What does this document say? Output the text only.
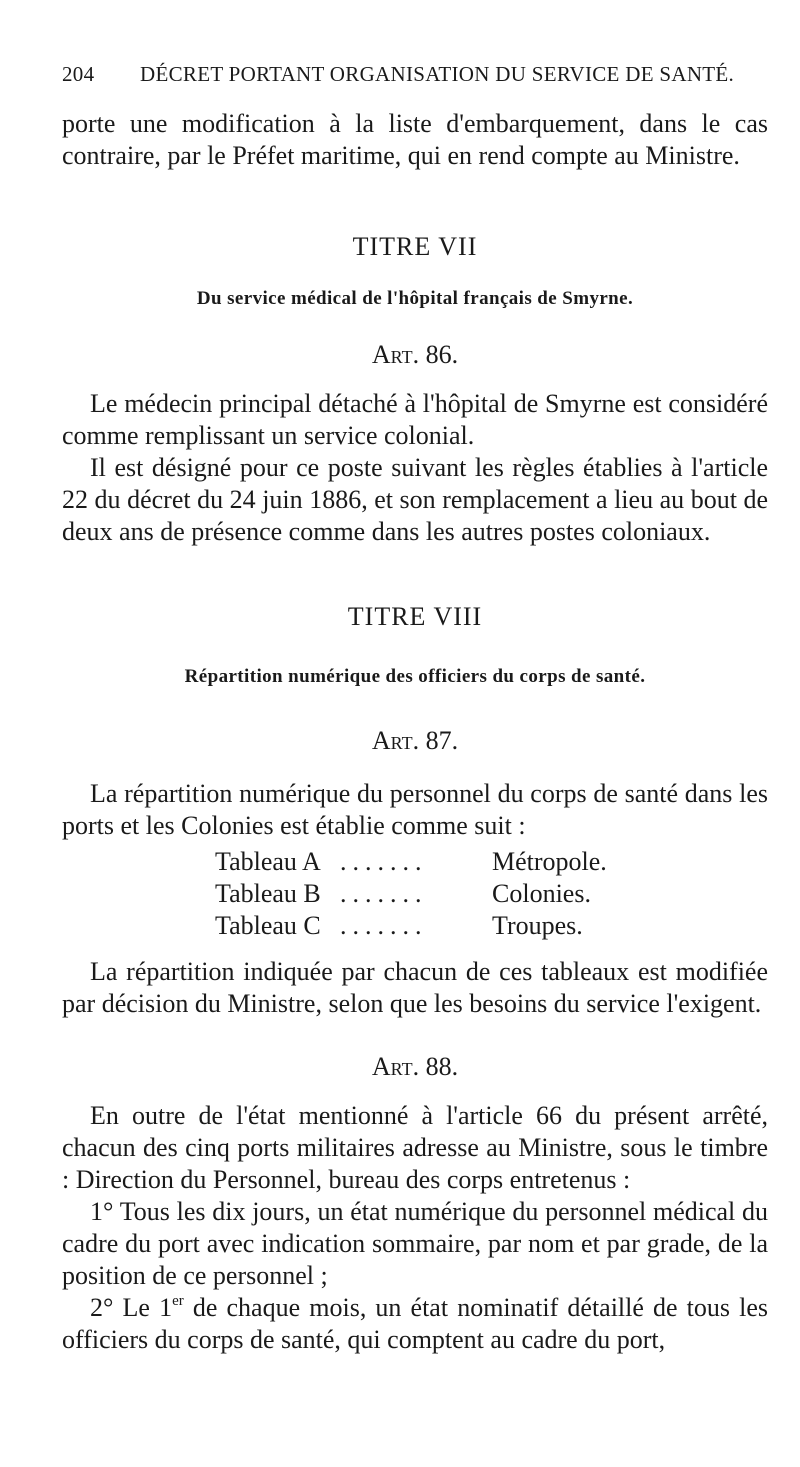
204 DÉCRET PORTANT ORGANISATION DU SERVICE DE SANTÉ.

porte une modification à la liste d'embarquement, dans le cas contraire, par le Préfet maritime, qui en rend compte au Ministre.

TITRE VII
Du service médical de l'hôpital français de Smyrne.
Art. 86.

Le médecin principal détaché à l'hôpital de Smyrne est considéré comme remplissant un service colonial.

Il est désigné pour ce poste suivant les règles établies à l'article 22 du décret du 24 juin 1886, et son remplacement a lieu au bout de deux ans de présence comme dans les autres postes coloniaux.

TITRE VIII
Répartition numérique des officiers du corps de santé.
Art. 87.

La répartition numérique du personnel du corps de santé dans les ports et les Colonies est établie comme suit :

Tableau A .......	Métropole.
Tableau B .......	Colonies.
Tableau C .......	Troupes.

La répartition indiquée par chacun de ces tableaux est modifiée par décision du Ministre, selon que les besoins du service l'exigent.

Art. 88.

En outre de l'état mentionné à l'article 66 du présent arrêté, chacun des cinq ports militaires adresse au Ministre, sous le timbre : Direction du Personnel, bureau des corps entretenus :

1° Tous les dix jours, un état numérique du personnel médical du cadre du port avec indication sommaire, par nom et par grade, de la position de ce personnel ;

2° Le 1er de chaque mois, un état nominatif détaillé de tous les officiers du corps de santé, qui comptent au cadre du port,
